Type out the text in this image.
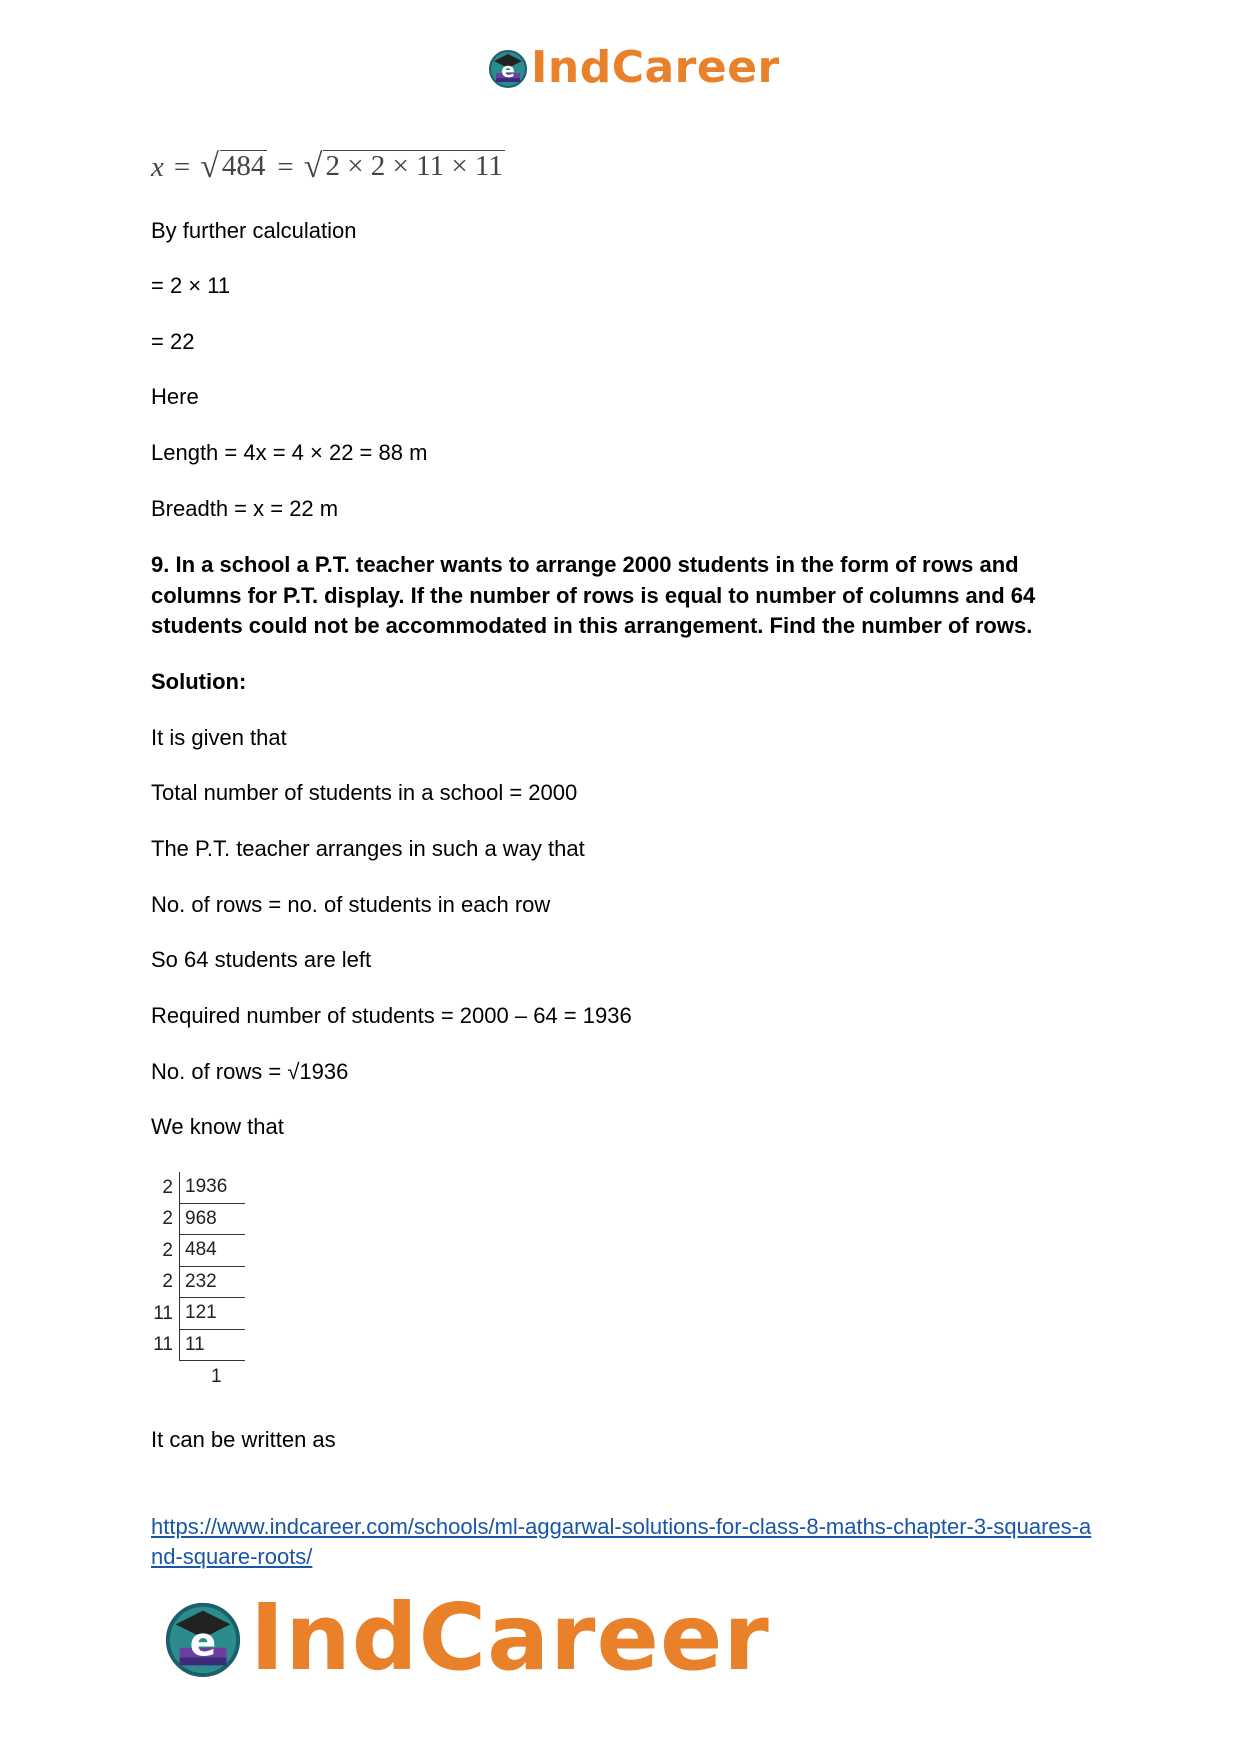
e IndCareer
x = √ 484 = √ 2 × 2 × 11 × 11

By further calculation

= 2 × 11

= 22

Here

Length = 4x = 4 × 22 = 88 m

Breadth = x = 22 m

9. In a school a P.T. teacher wants to arrange 2000 students in the form of rows and columns for P.T. display. If the number of rows is equal to number of columns and 64 students could not be accommodated in this arrangement. Find the number of rows.

Solution:

It is given that

Total number of students in a school = 2000

The P.T. teacher arranges in such a way that

No. of rows = no. of students in each row

So 64 students are left

Required number of students = 2000 – 64 = 1936

No. of rows = √1936

We know that

2 1936
2 968
2 484
2 232
11 121
11 11
1

It can be written as

https://www.indcareer.com/schools/ml-aggarwal-solutions-for-class-8-maths-chapter-3-squares-and-square-roots/
e IndCareer
